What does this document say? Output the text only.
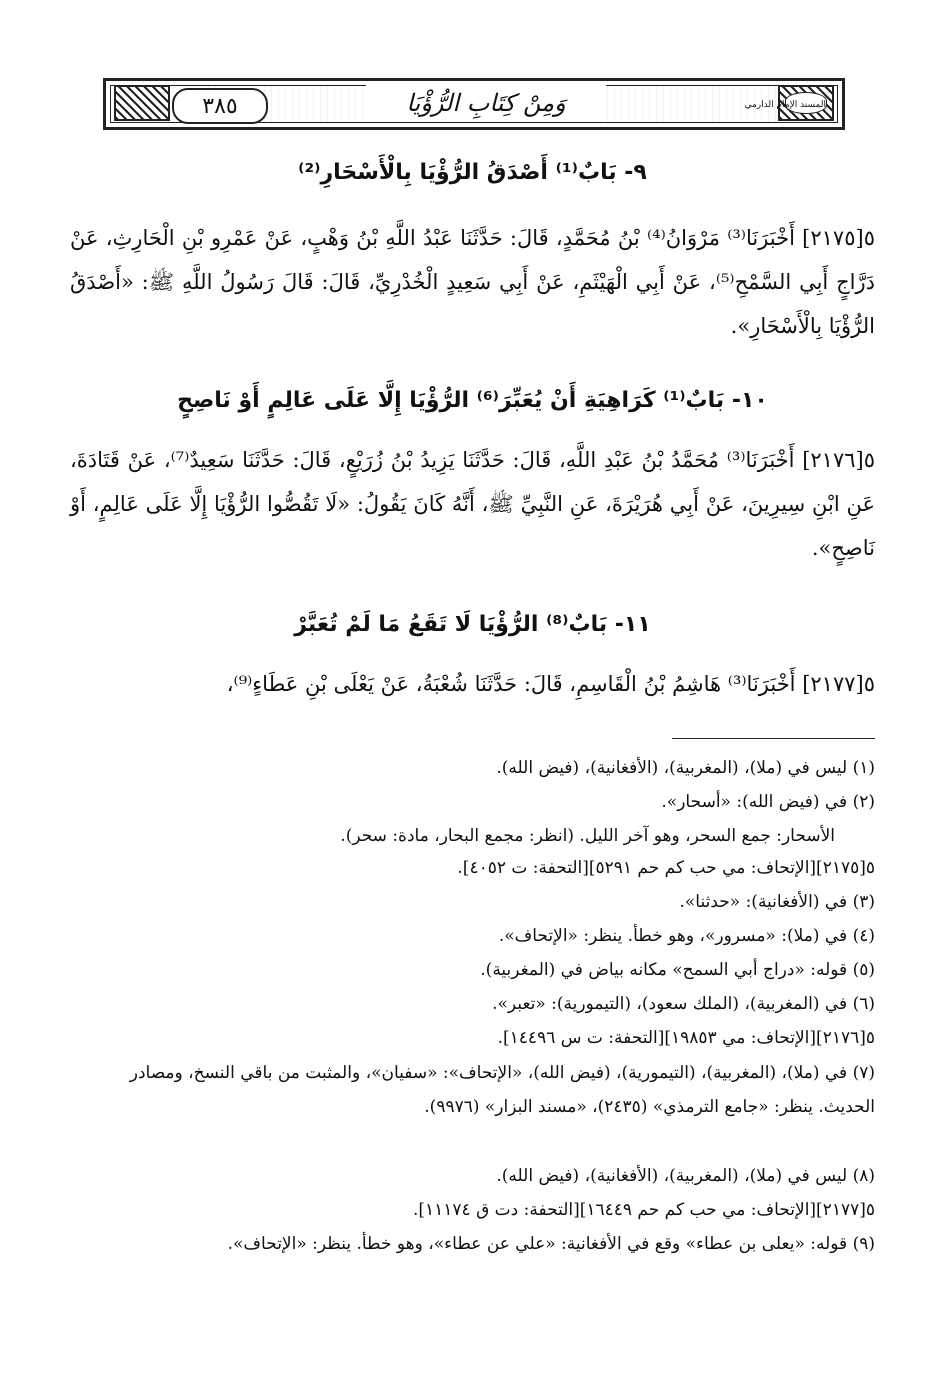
المسند الإمام الدارمي
وَمِنْ كِتَابِ الرُّؤْيَا
٣٨٥
٩- بَابٌ⁽¹⁾ أَصْدَقُ الرُّؤْيَا بِالْأَسْحَارِ⁽²⁾
٥[٢١٧٥] أَخْبَرَنَا⁽³⁾ مَرْوَانُ⁽⁴⁾ بْنُ مُحَمَّدٍ، قَالَ: حَدَّثَنَا عَبْدُ اللَّهِ بْنُ وَهْبٍ، عَنْ عَمْرِو بْنِ الْحَارِثِ، عَنْ دَرَّاجٍ أَبِي السَّمْحِ⁽⁵⁾، عَنْ أَبِي الْهَيْثَمِ، عَنْ أَبِي سَعِيدٍ الْخُدْرِيِّ، قَالَ: قَالَ رَسُولُ اللَّهِ ﷺ: «أَصْدَقُ الرُّؤْيَا بِالْأَسْحَارِ».
١٠- بَابٌ⁽¹⁾ كَرَاهِيَةِ أَنْ يُعَبِّرَ⁽⁶⁾ الرُّؤْيَا إِلَّا عَلَى عَالِمٍ أَوْ نَاصِحٍ
٥[٢١٧٦] أَخْبَرَنَا⁽³⁾ مُحَمَّدُ بْنُ عَبْدِ اللَّهِ، قَالَ: حَدَّثَنَا يَزِيدُ بْنُ زُرَيْعٍ، قَالَ: حَدَّثَنَا سَعِيدٌ⁽⁷⁾، عَنْ قَتَادَةَ، عَنِ ابْنِ سِيرِينَ، عَنْ أَبِي هُرَيْرَةَ، عَنِ النَّبِيِّ ﷺ، أَنَّهُ كَانَ يَقُولُ: «لَا تَقُصُّوا الرُّؤْيَا إِلَّا عَلَى عَالِمٍ، أَوْ نَاصِحٍ».
١١- بَابٌ⁽⁸⁾ الرُّؤْيَا لَا تَقَعُ مَا لَمْ تُعَبَّرْ
٥[٢١٧٧] أَخْبَرَنَا⁽³⁾ هَاشِمُ بْنُ الْقَاسِمِ، قَالَ: حَدَّثَنَا شُعْبَةُ، عَنْ يَعْلَى بْنِ عَطَاءٍ⁽⁹⁾،
(١) ليس في (ملا)، (المغربية)، (الأفغانية)، (فيض الله).
(٢) في (فيض الله): «أسحار».
الأسحار: جمع السحر، وهو آخر الليل. (انظر: مجمع البحار، مادة: سحر).
٥[٢١٧٥][الإتحاف: مي حب كم حم ٥٢٩١][التحفة: ت ٤٠٥٢].
(٣) في (الأفغانية): «حدثنا».
(٤) في (ملا): «مسرور»، وهو خطأ. ينظر: «الإتحاف».
(٥) قوله: «دراج أبي السمح» مكانه بياض في (المغربية).
(٦) في (المغربية)، (الملك سعود)، (التيمورية): «تعبر».
٥[٢١٧٦][الإتحاف: مي ١٩٨٥٣][التحفة: ت س ١٤٤٩٦].
(٧) في (ملا)، (المغربية)، (التيمورية)، (فيض الله)، «الإتحاف»: «سفيان»، والمثبت من باقي النسخ، ومصادر الحديث. ينظر: «جامع الترمذي» (٢٤٣٥)، «مسند البزار» (٩٩٧٦).
(٨) ليس في (ملا)، (المغربية)، (الأفغانية)، (فيض الله).
٥[٢١٧٧][الإتحاف: مي حب كم حم ١٦٤٤٩][التحفة: دت ق ١١١٧٤].
(٩) قوله: «يعلى بن عطاء» وقع في الأفغانية: «علي عن عطاء»، وهو خطأ. ينظر: «الإتحاف».
